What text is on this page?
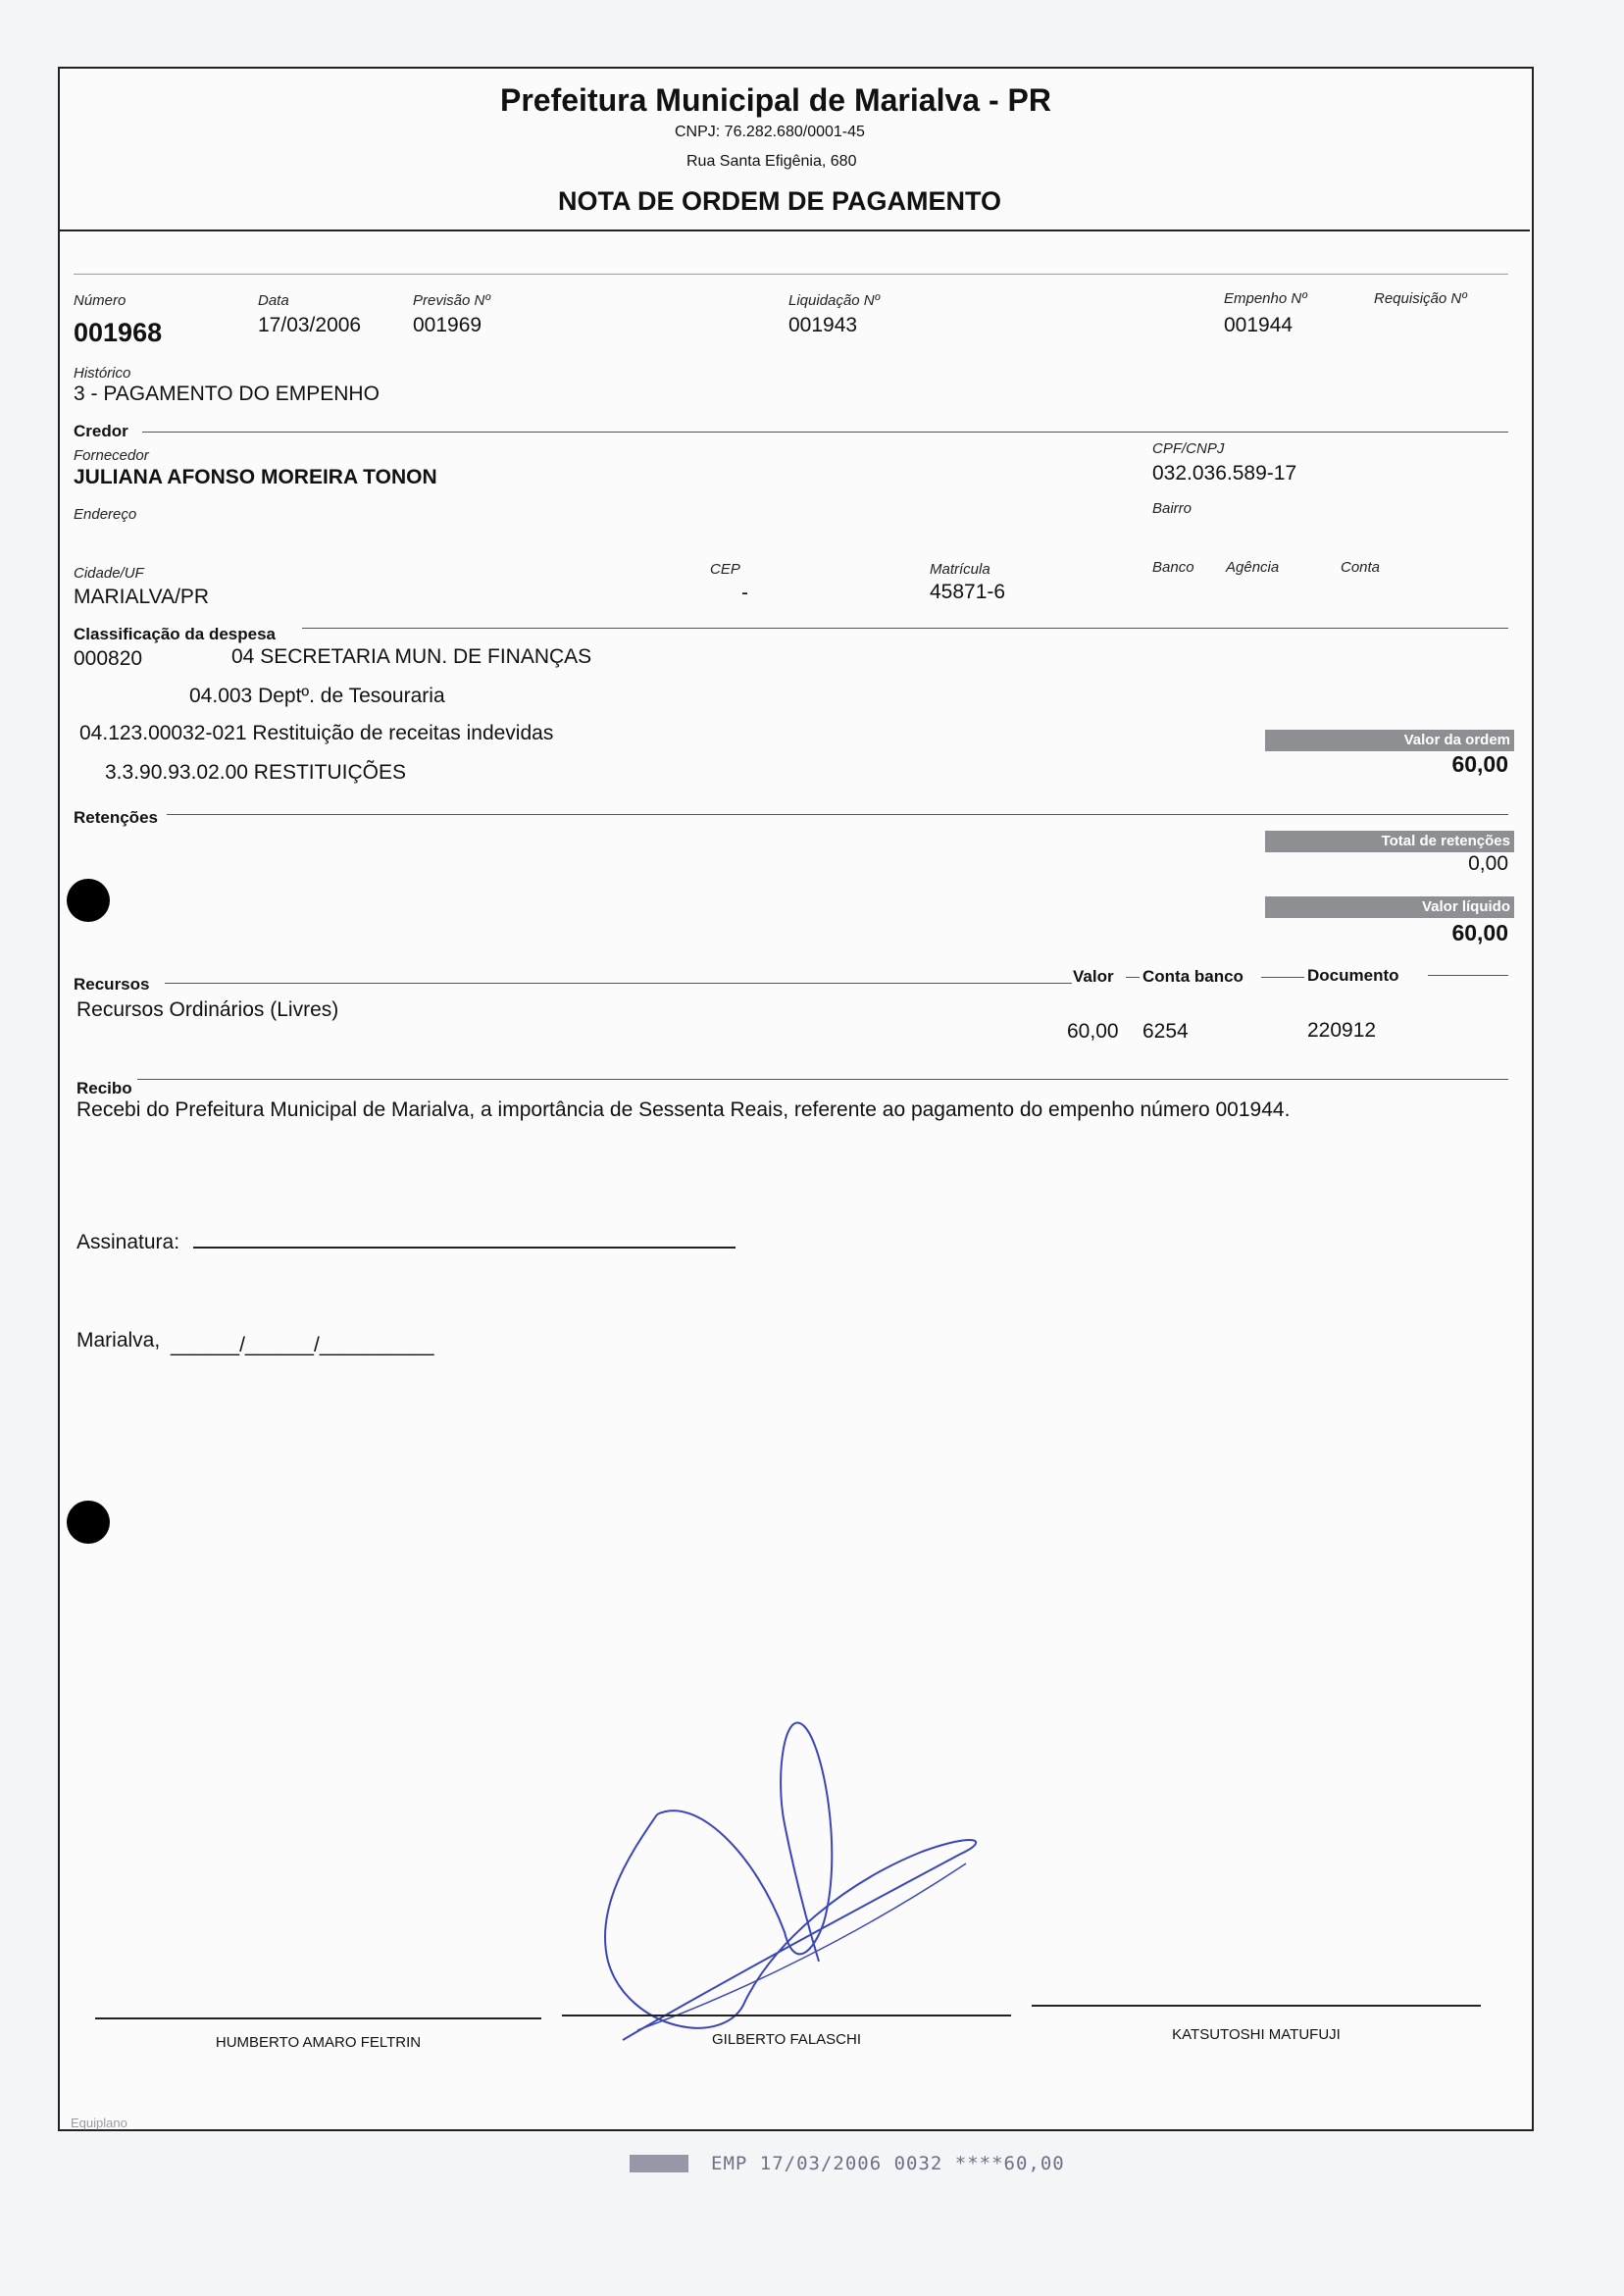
Prefeitura Municipal de Marialva - PR
CNPJ: 76.282.680/0001-45
Rua Santa Efigênia, 680
NOTA DE ORDEM DE PAGAMENTO
Número
001968
Data
17/03/2006
Previsão Nº
001969
Liquidação Nº
001943
Empenho Nº
001944
Requisição Nº
Histórico
3 - PAGAMENTO DO EMPENHO
Credor
Fornecedor
JULIANA AFONSO MOREIRA TONON
CPF/CNPJ
032.036.589-17
Endereço	Bairro
Cidade/UF
MARIALVA/PR
CEP
-
Matrícula
45871-6
Banco Agência	Conta
Classificação da despesa
000820	04 SECRETARIA MUN. DE FINANÇAS
04.003 Deptº. de Tesouraria
04.123.00032-021 Restituição de receitas indevidas
3.3.90.93.02.00 RESTITUIÇÕES
Valor da ordem
60,00
Retenções
Total de retenções
0,00
Valor líquido
60,00
Recursos	Valor Conta banco	Documento
Recursos Ordinários (Livres)
60,00 6254	220912
Recibo
Recebi do Prefeitura Municipal de Marialva, a importância de Sessenta Reais, referente ao pagamento do empenho número 001944.
Assinatura:
Marialva, ______/______/__________
HUMBERTO AMARO FELTRIN	GILBERTO FALASCHI	KATSUTOSHI MATUFUJI
Equiplano
EMP 17/03/2006 0032 ****60,00
